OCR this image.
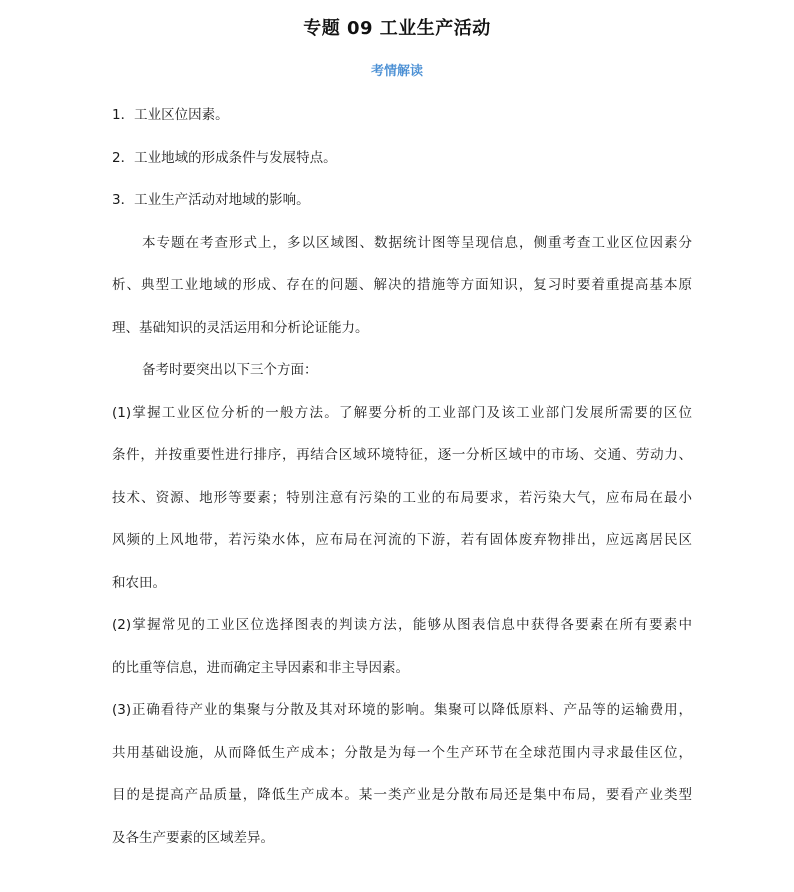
专题 09 工业生产活动
考情解读
1．工业区位因素。
2．工业地域的形成条件与发展特点。
3．工业生产活动对地域的影响。
本专题在考查形式上，多以区域图、数据统计图等呈现信息，侧重考查工业区位因素分
析、典型工业地域的形成、存在的问题、解决的措施等方面知识，复习时要着重提高基本原
理、基础知识的灵活运用和分析论证能力。
备考时要突出以下三个方面：
(1)掌握工业区位分析的一般方法。了解要分析的工业部门及该工业部门发展所需要的区位
条件，并按重要性进行排序，再结合区域环境特征，逐一分析区域中的市场、交通、劳动力、
技术、资源、地形等要素；特别注意有污染的工业的布局要求，若污染大气，应布局在最小
风频的上风地带，若污染水体，应布局在河流的下游，若有固体废弃物排出，应远离居民区
和农田。
(2)掌握常见的工业区位选择图表的判读方法，能够从图表信息中获得各要素在所有要素中
的比重等信息，进而确定主导因素和非主导因素。
(3)正确看待产业的集聚与分散及其对环境的影响。集聚可以降低原料、产品等的运输费用，
共用基础设施，从而降低生产成本；分散是为每一个生产环节在全球范围内寻求最佳区位，
目的是提高产品质量，降低生产成本。某一类产业是分散布局还是集中布局，要看产业类型
及各生产要素的区域差异。
